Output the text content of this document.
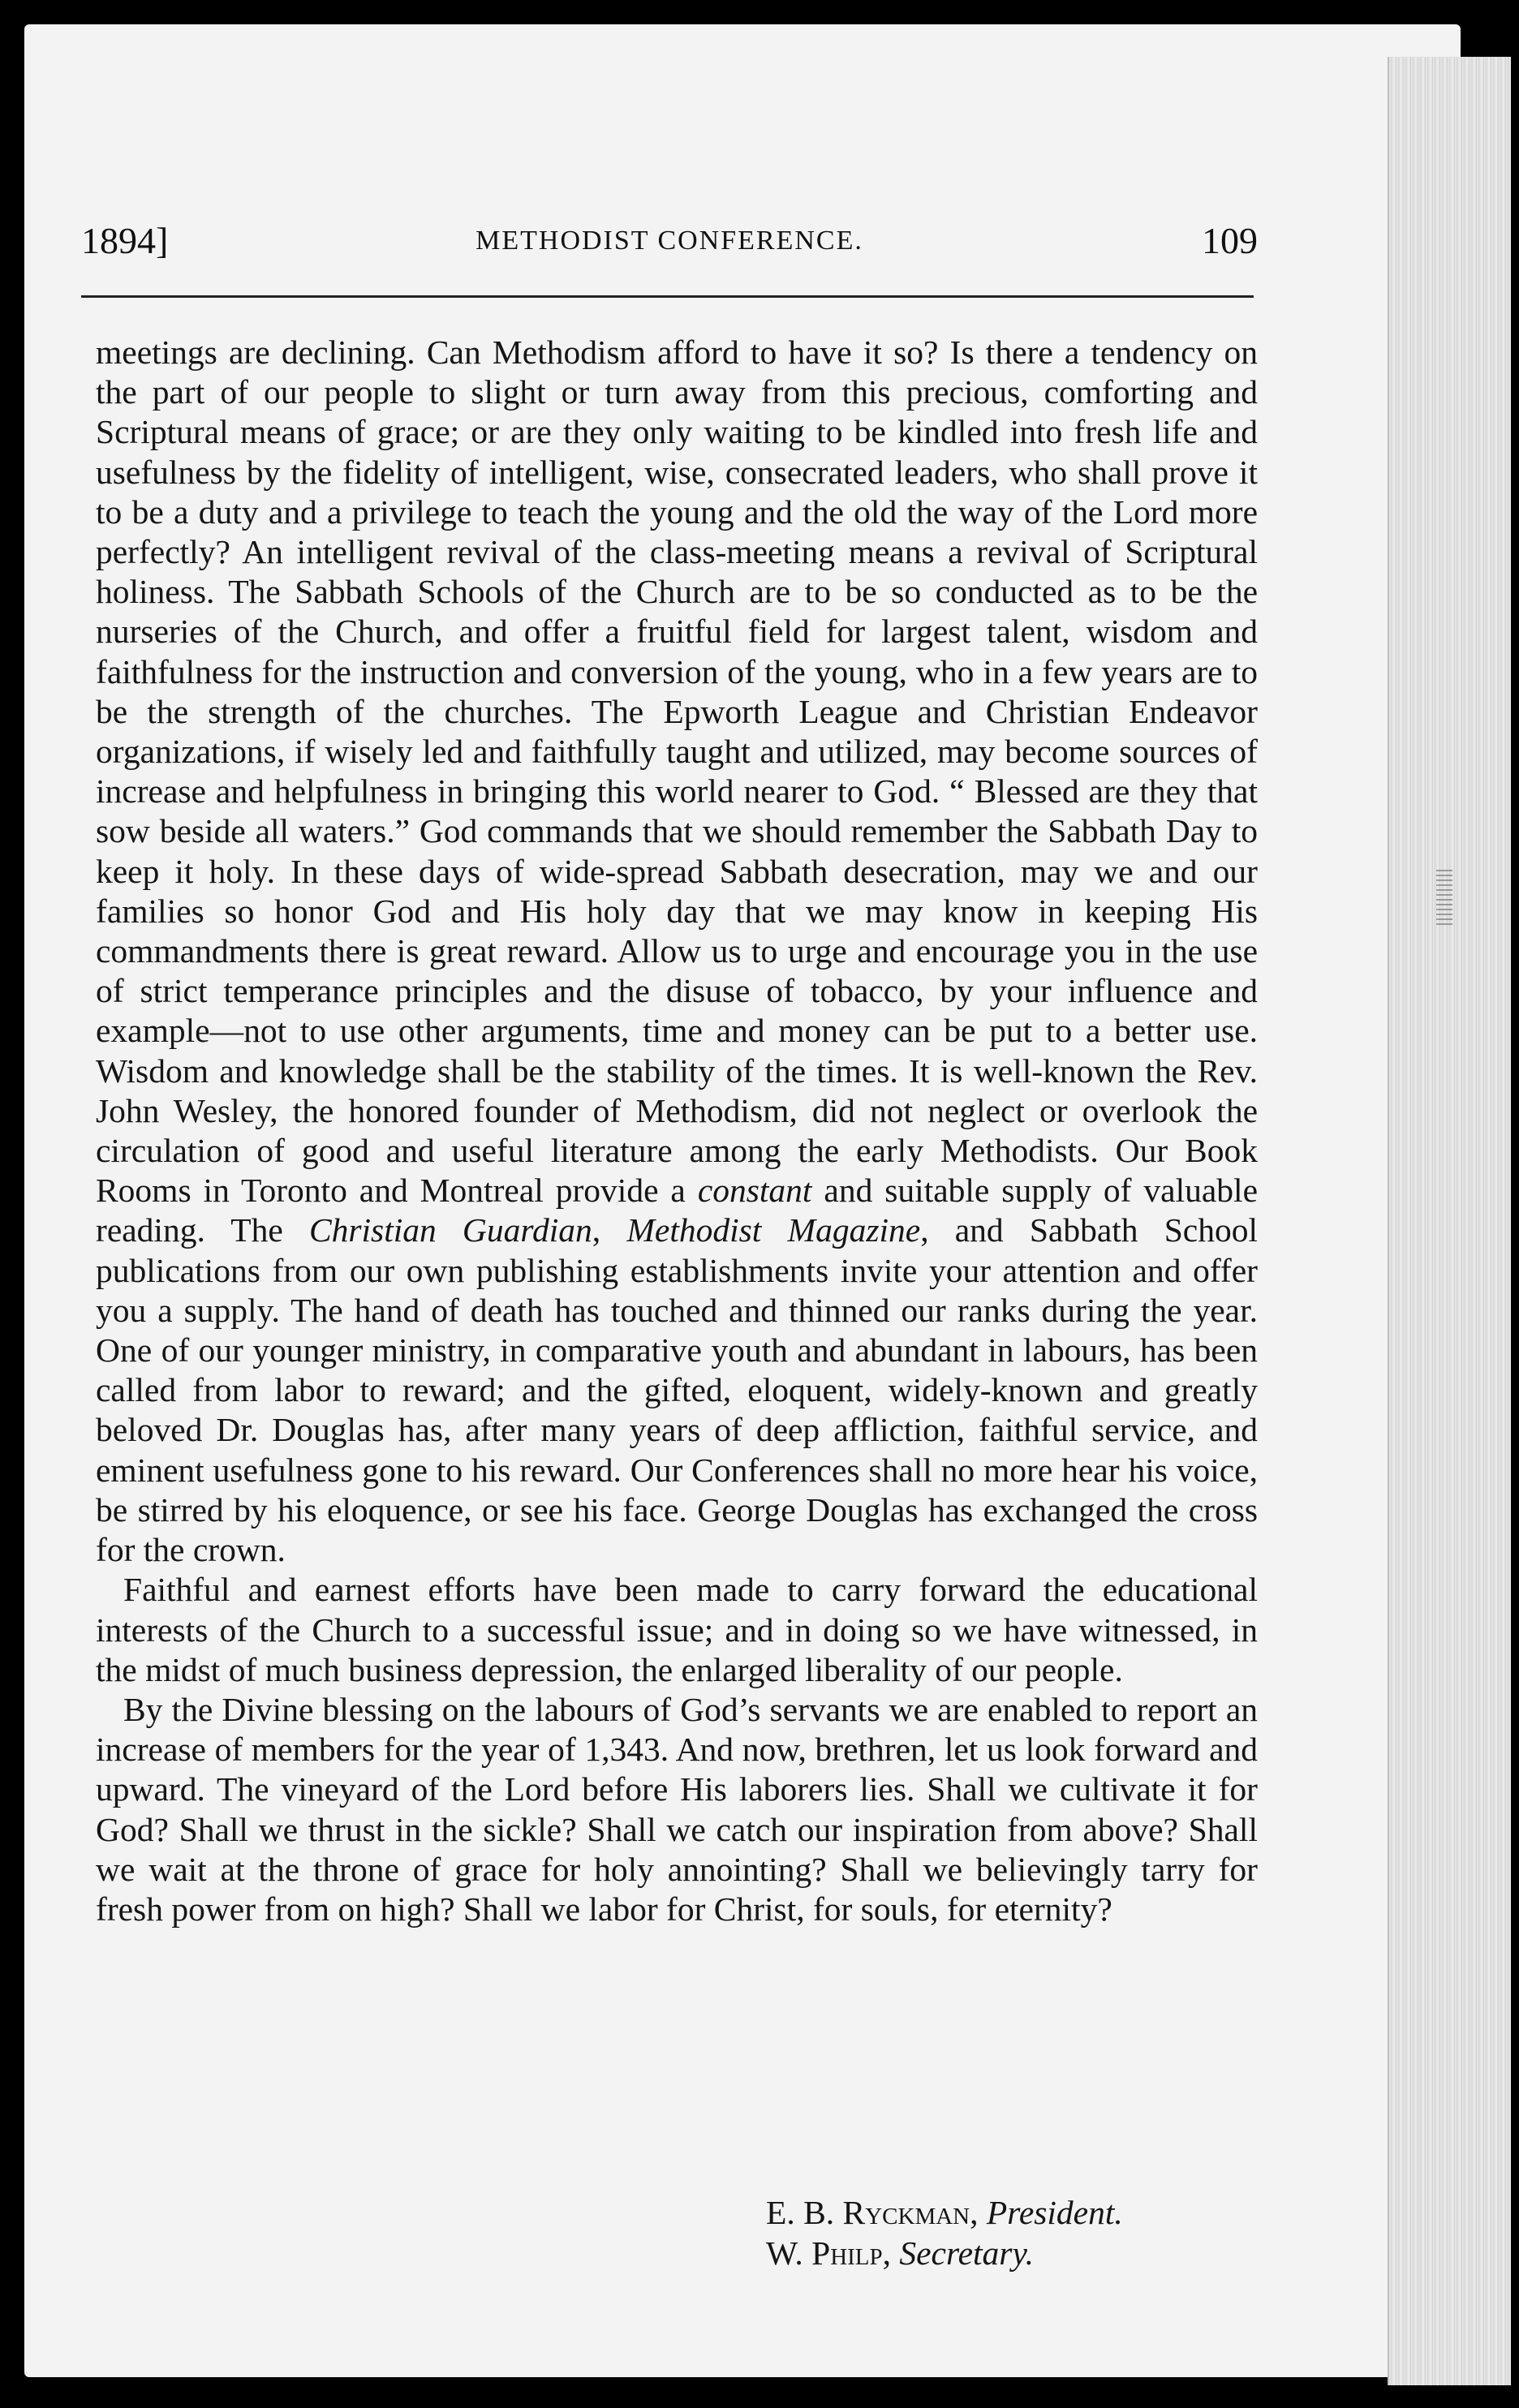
1894]	METHODIST CONFERENCE.	109

meetings are declining. Can Methodism afford to have it so? Is there a tendency on the part of our people to slight or turn away from this precious, comforting and Scriptural means of grace; or are they only waiting to be kindled into fresh life and usefulness by the fidelity of intelligent, wise, consecrated leaders, who shall prove it to be a duty and a privilege to teach the young and the old the way of the Lord more perfectly? An intelligent revival of the class-meeting means a revival of Scriptural holiness. The Sabbath Schools of the Church are to be so conducted as to be the nurseries of the Church, and offer a fruitful field for largest talent, wisdom and faithfulness for the instruction and conversion of the young, who in a few years are to be the strength of the churches. The Epworth League and Christian Endeavor organizations, if wisely led and faithfully taught and utilized, may become sources of increase and helpfulness in bringing this world nearer to God. “ Blessed are they that sow beside all waters.” God commands that we should remember the Sabbath Day to keep it holy. In these days of wide-spread Sabbath desecration, may we and our families so honor God and His holy day that we may know in keeping His commandments there is great reward. Allow us to urge and encourage you in the use of strict temperance principles and the disuse of tobacco, by your influence and example—not to use other arguments, time and money can be put to a better use. Wisdom and knowledge shall be the stability of the times. It is well-known the Rev. John Wesley, the honored founder of Methodism, did not neglect or overlook the circulation of good and useful literature among the early Methodists. Our Book Rooms in Toronto and Montreal provide a constant and suitable supply of valuable reading. The Christian Guardian, Methodist Magazine, and Sabbath School publications from our own publishing establishments invite your attention and offer you a supply. The hand of death has touched and thinned our ranks during the year. One of our younger ministry, in comparative youth and abundant in labours, has been called from labor to reward; and the gifted, eloquent, widely-known and greatly beloved Dr. Douglas has, after many years of deep affliction, faithful service, and eminent usefulness gone to his reward. Our Conferences shall no more hear his voice, be stirred by his eloquence, or see his face. George Douglas has exchanged the cross for the crown.

Faithful and earnest efforts have been made to carry forward the educational interests of the Church to a successful issue; and in doing so we have witnessed, in the midst of much business depression, the enlarged liberality of our people.

By the Divine blessing on the labours of God’s servants we are enabled to report an increase of members for the year of 1,343. And now, brethren, let us look forward and upward. The vineyard of the Lord before His laborers lies. Shall we cultivate it for God? Shall we thrust in the sickle? Shall we catch our inspiration from above? Shall we wait at the throne of grace for holy annointing? Shall we believingly tarry for fresh power from on high? Shall we labor for Christ, for souls, for eternity?

E. B. Ryckman, President.
W. Philp, Secretary.
